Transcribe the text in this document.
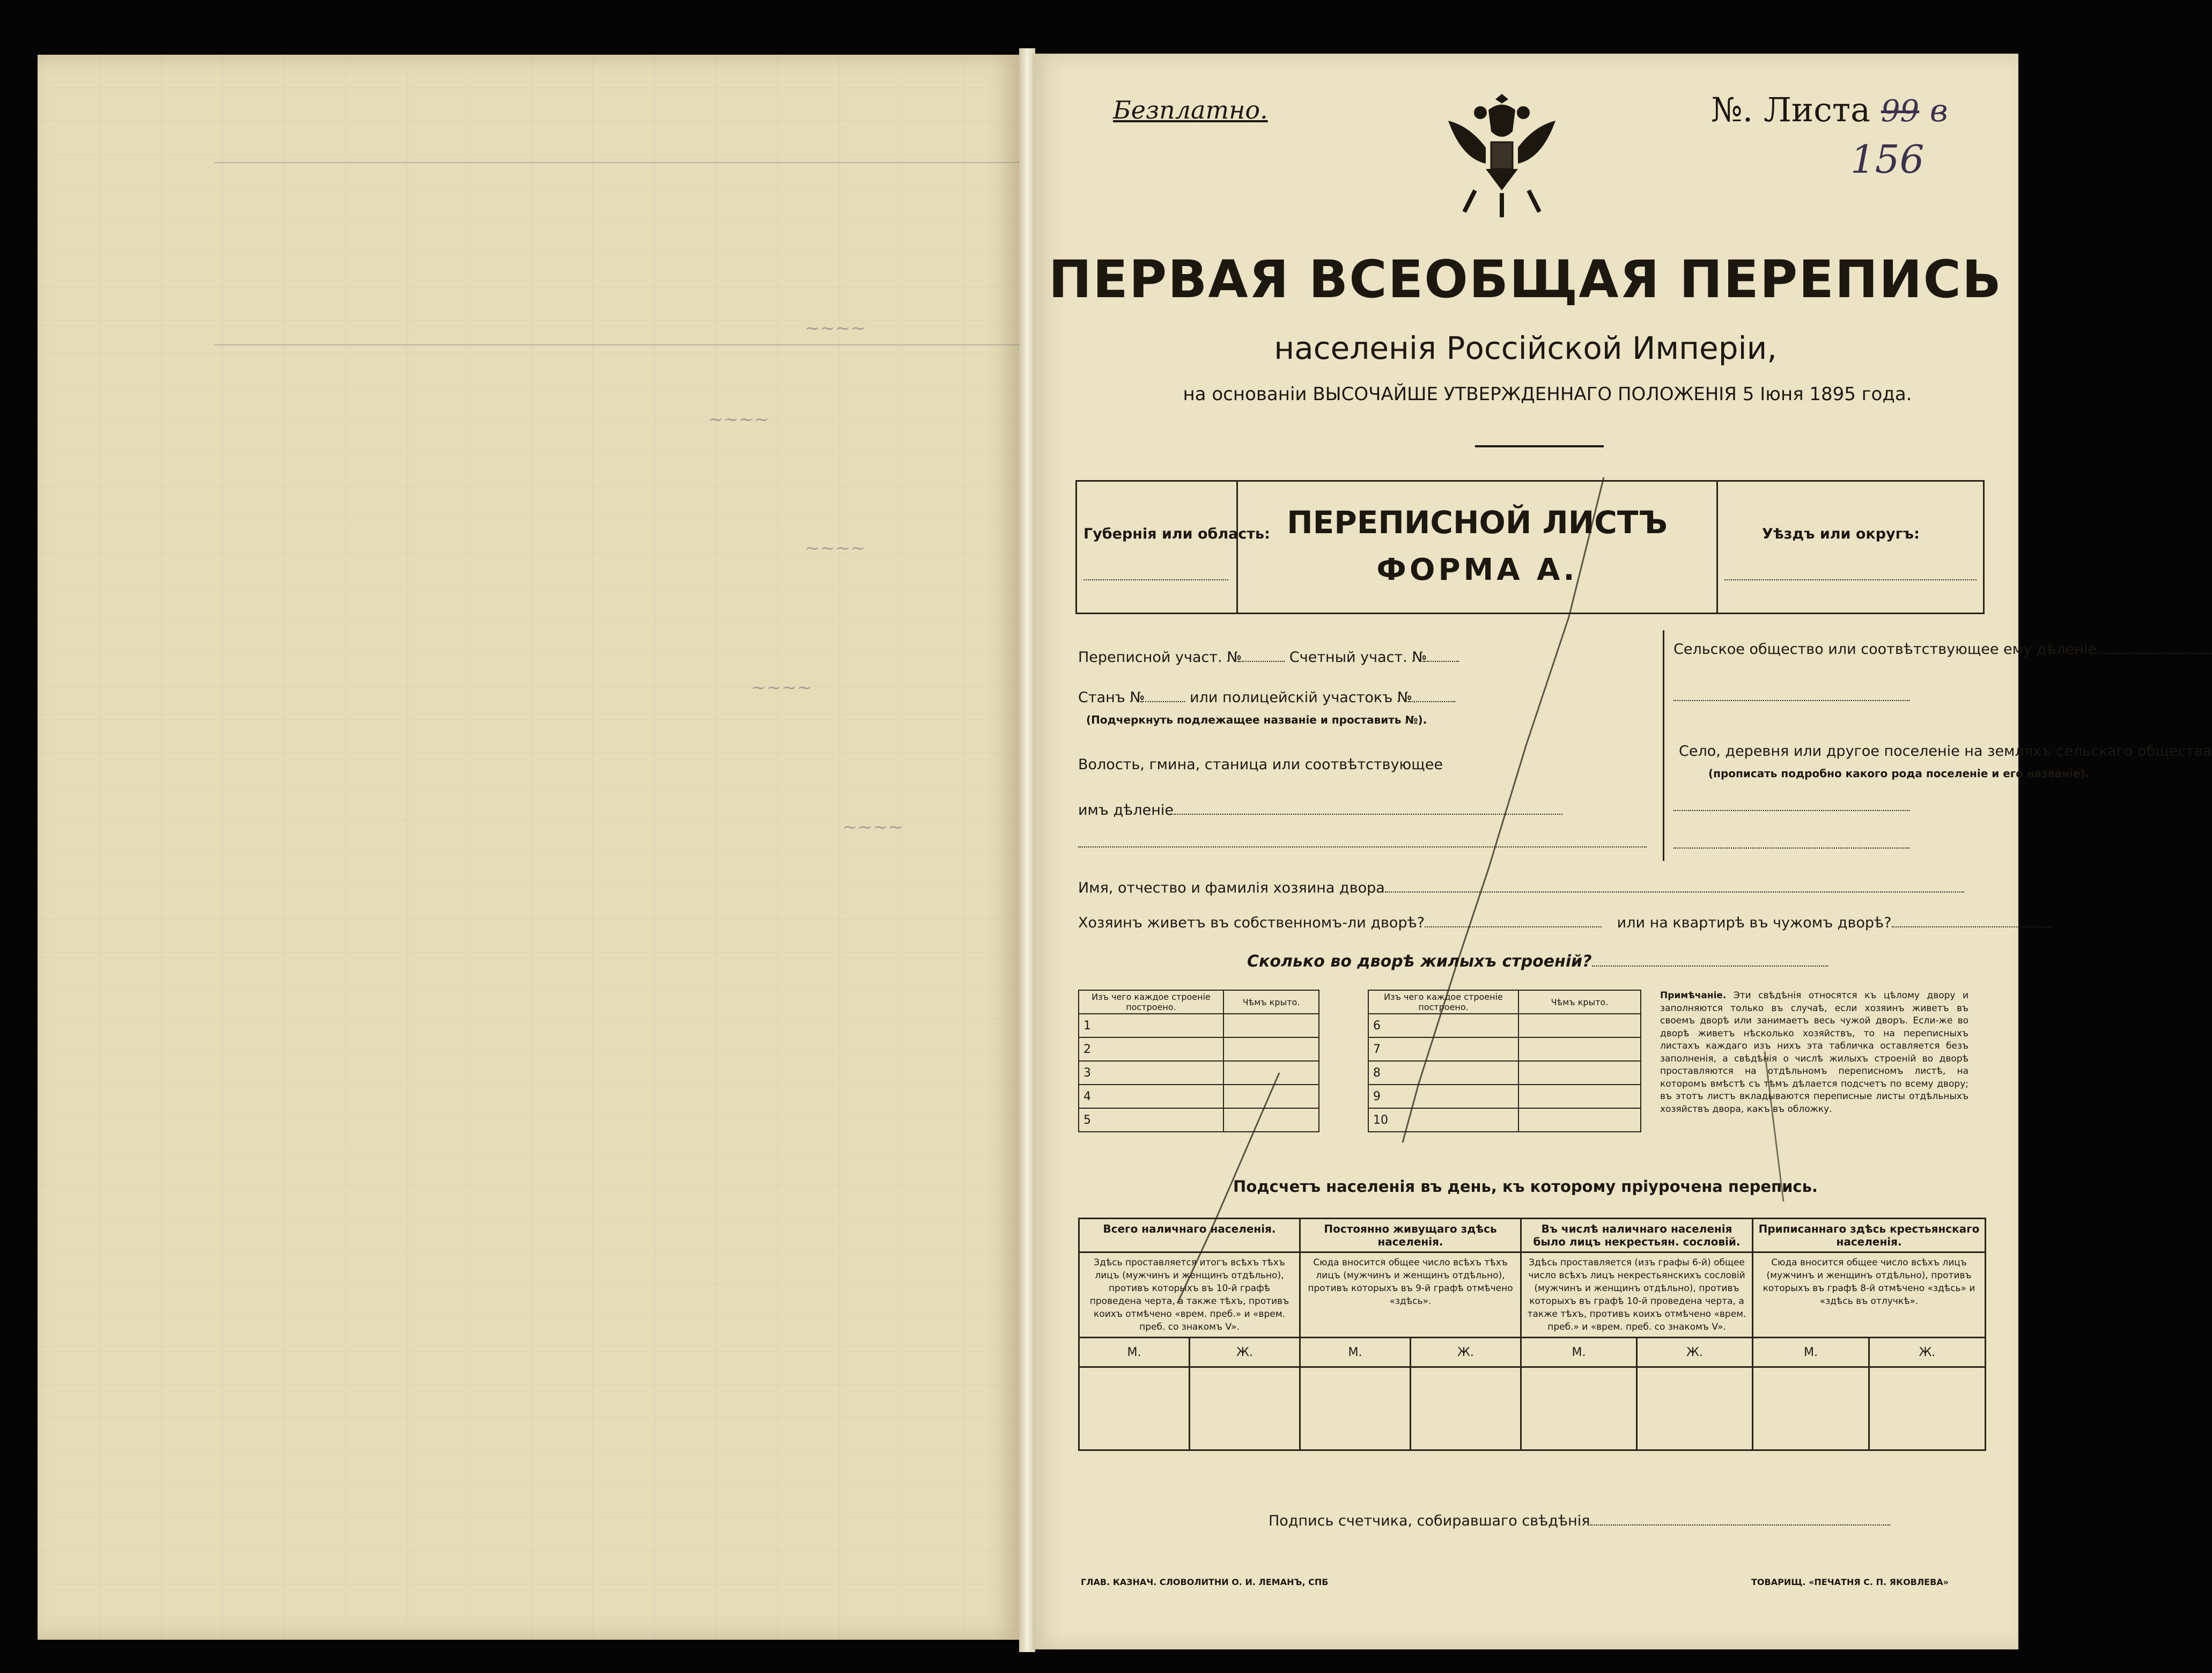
~~~~
~~~~
~~~~
~~~~
~~~~
Безплатно.	№. Листа 99 в
156
ПЕРВАЯ ВСЕОБЩАЯ ПЕРЕПИСЬ
населенія Россійской Имперіи,
на основаніи ВЫСОЧАЙШЕ УТВЕРЖДЕННАГО ПОЛОЖЕНІЯ 5 Іюня 1895 года.
Губернія или область: ПЕРЕПИСНОЙ ЛИСТЪ
ФОРМА А.
Уѣздъ или округъ:
Переписной участ. №	Счетный участ. №
Станъ №	или полицейскій участокъ №
(Подчеркнуть подлежащее названіе и проставить №).
Волость, гмина, станица или соотвѣтствующее
имъ дѣленіе
Сельское общество или соотвѣтствующее ему дѣленіе
Село, деревня или другое поселеніе на земляхъ сельскаго общества
(прописать подробно какого рода поселеніе и его названіе).
Имя, отчество и фамилія хозяина двора
Хозяинъ живетъ въ собственномъ-ли дворѣ?	или на квартирѣ въ чужомъ дворѣ?
Сколько во дворѣ жилыхъ строеній?
Изъ чего каждое строеніе построено.	Чѣмъ крыто.
1	
2	
3	
4	
5	
Изъ чего каждое строеніе построено.	Чѣмъ крыто.
6	
7	
8	
9	
10	
Примѣчаніе. Эти свѣдѣнія относятся къ цѣлому двору и заполняются только въ случаѣ, если хозяинъ живетъ въ своемъ дворѣ или занимаетъ весь чужой дворъ. Если-же во дворѣ живетъ нѣсколько хозяйствъ, то на переписныхъ листахъ каждаго изъ нихъ эта табличка оставляется безъ заполненія, а свѣдѣнія о числѣ жилыхъ строеній во дворѣ проставляются на отдѣльномъ переписномъ листѣ, на которомъ вмѣстѣ съ тѣмъ дѣлается подсчетъ по всему двору; въ этотъ листъ вкладываются переписные листы отдѣльныхъ хозяйствъ двора, какъ въ обложку.
Подсчетъ населенія въ день, къ которому пріурочена перепись.
Всего наличнаго населенія.		Постоянно живущаго здѣсь населенія.		Въ числѣ наличнаго населенія было лицъ некрестьян. сословій.		Приписаннаго здѣсь крестьянскаго населенія.	
Здѣсь проставляется итогъ всѣхъ тѣхъ лицъ (мужчинъ и женщинъ отдѣльно), противъ которыхъ въ 10-й графѣ проведена черта, а также тѣхъ, противъ коихъ отмѣчено «врем. преб.» и «врем. преб. со знакомъ V».		Сюда вносится общее число всѣхъ тѣхъ лицъ (мужчинъ и женщинъ отдѣльно), противъ которыхъ въ 9-й графѣ отмѣчено «здѣсь».		Здѣсь проставляется (изъ графы 6-й) общее число всѣхъ лицъ некрестьянскихъ сословій (мужчинъ и женщинъ отдѣльно), противъ которыхъ въ графѣ 10-й проведена черта, а также тѣхъ, противъ коихъ отмѣчено «врем. преб.» и «врем. преб. со знакомъ V».		Сюда вносится общее число всѣхъ лицъ (мужчинъ и женщинъ отдѣльно), противъ которыхъ въ графѣ 8-й отмѣчено «здѣсь» и «здѣсь въ отлучкѣ».	
М.	Ж.	М.	Ж.	М.	Ж.	М.	Ж.

Подпись счетчика, собиравшаго свѣдѣнія
ГЛАВ. КАЗНАЧ. СЛОВОЛИТНИ О. И. ЛЕМАНЪ, СПБ	ТОВАРИЩ. «ПЕЧАТНЯ С. П. ЯКОВЛЕВА»
